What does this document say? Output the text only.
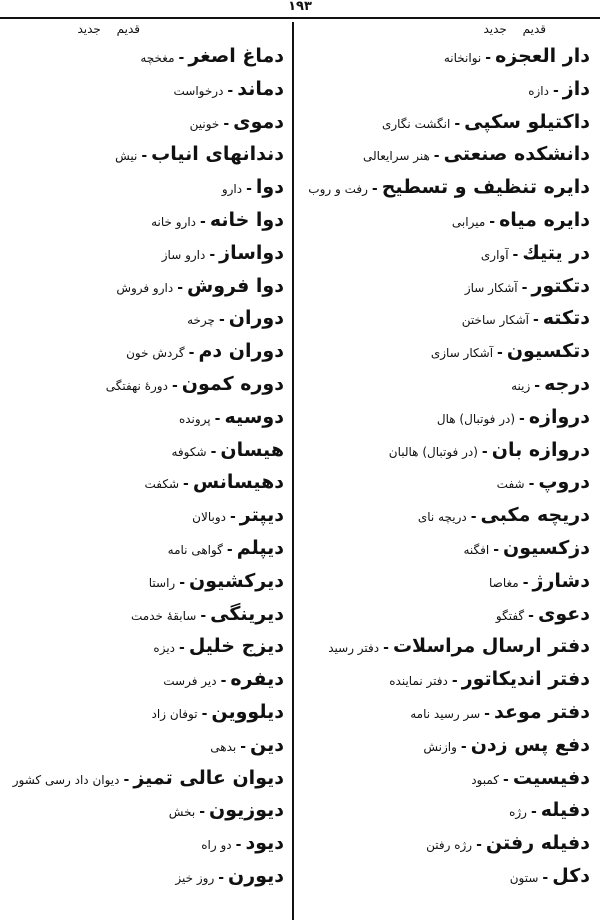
۱۹۳
قدیم جدید
دار العجزه-نوانخانه
داز-دازه
داکتیلو سکپی-انگشت نگاری
دانشکده صنعتی-هنر سرایعالی
دایره تنظیف و تسطیح-رفت و روب
دایره میاه-میرابی
در یتیك-آواری
دتکتور-آشکار ساز
دتکته-آشکار ساختن
دتکسیون-آشکار سازی
درجه-زینه
دروازه-(در فوتبال) هال
دروازه بان-(در فوتبال) هالبان
دروپ-شفت
دریچه مکبی-دریچه نای
دزکسیون-افگنه
دشارژ-مغاصا
دعوی-گفتگو
دفتر ارسال مراسلات-دفتر رسید
دفتر اندیکاتور-دفتر نمایندە
دفتر موعد-سر رسید نامه
دفع پس زدن-وازنش
دفیسیت-کمبود
دفیله-رژه
دفیله رفتن-رژه رفتن
دکل-ستون
قدیم جدید
دماغ اصغر-مغخچه
دماند-درخواست
دموی-خونین
دندانهای انیاب-نیش
دوا-دارو
دوا خانه-دارو خانه
دواساز-دارو ساز
دوا فروش-دارو فروش
دوران-چرخه
دوران دم-گردش خون
دوره کمون-دورهٔ نهفتگی
دوسیه-پرونده
هیسان-شکوفه
دهیسانس-شکفت
دیپتر-دوبالان
دیپلم-گواهی نامه
دیرکشیون-راستا
دیرینگی-سابقهٔ خدمت
دیزج خلیل-دیزه
دیفره-دیر فرست
دیلووین-توفان زاد
دین-بدهی
دیوان عالی تمیز-دیوان داد رسی کشور
دیوزیون-بخش
دیود-دو راه
دیورن-روز خیز
